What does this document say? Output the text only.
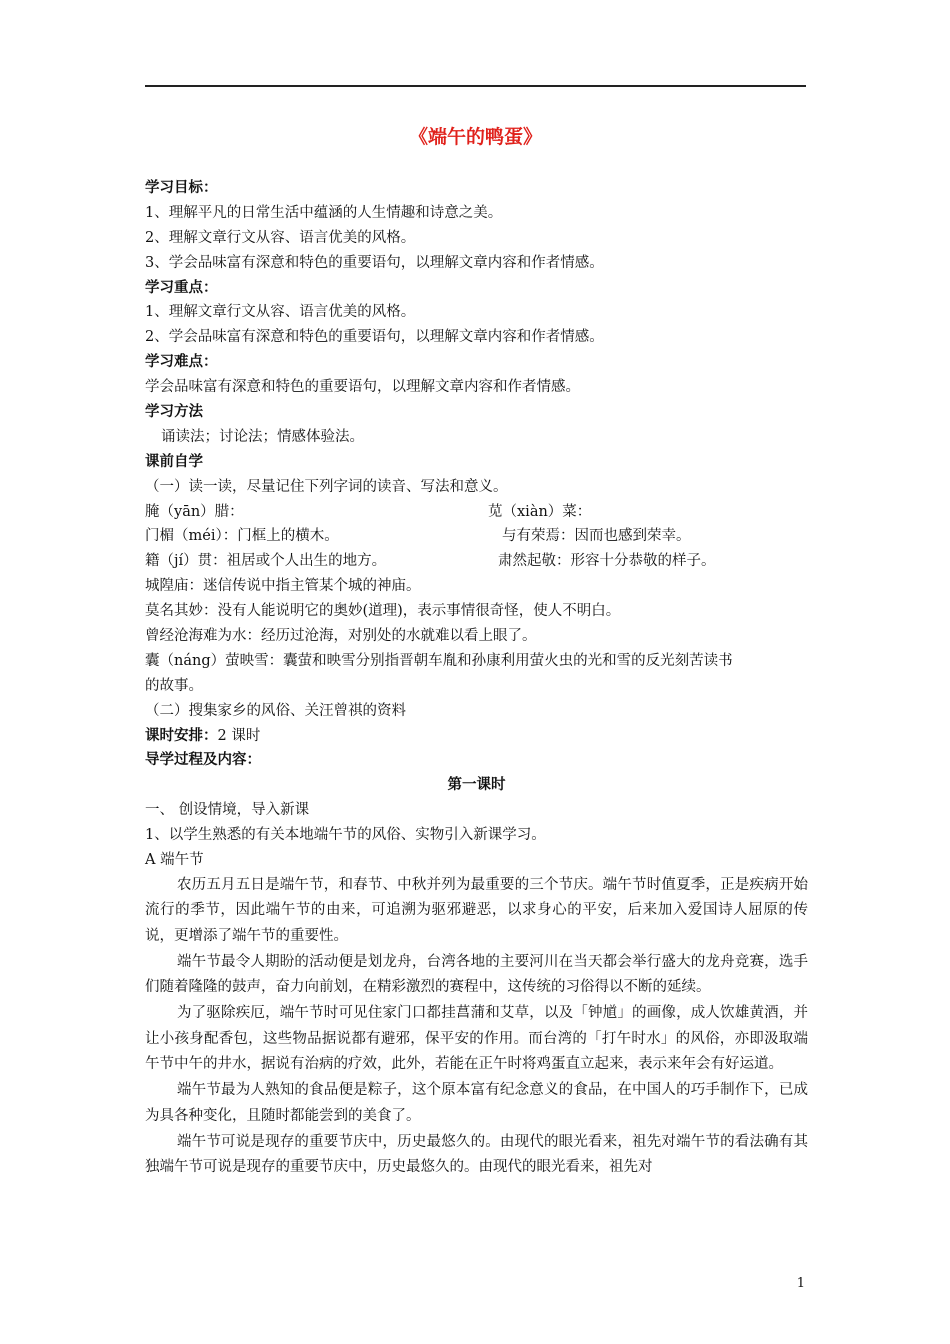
《端午的鸭蛋》
学习目标：
1、理解平凡的日常生活中蕴涵的人生情趣和诗意之美。
2、理解文章行文从容、语言优美的风格。
3、学会品味富有深意和特色的重要语句，以理解文章内容和作者情感。
学习重点：
1、理解文章行文从容、语言优美的风格。
2、学会品味富有深意和特色的重要语句，以理解文章内容和作者情感。
学习难点：
学会品味富有深意和特色的重要语句，以理解文章内容和作者情感。
学习方法
诵读法；讨论法；情感体验法。
课前自学
（一）读一读，尽量记住下列字词的读音、写法和意义。
腌（yān）腊：	苋（xiàn）菜：
门楣（méi）：门框上的横木。	与有荣焉：因而也感到荣幸。
籍（jí）贯：祖居或个人出生的地方。	肃然起敬：形容十分恭敬的样子。
城隍庙：迷信传说中指主管某个城的神庙。
莫名其妙：没有人能说明它的奥妙(道理)，表示事情很奇怪，使人不明白。
曾经沧海难为水：经历过沧海，对别处的水就难以看上眼了。
囊（náng）萤映雪：囊萤和映雪分别指晋朝车胤和孙康利用萤火虫的光和雪的反光刻苦读书
的故事。
（二）搜集家乡的风俗、关汪曾祺的资料
课时安排：2 课时
导学过程及内容：
第一课时
一、 创设情境，导入新课
1、以学生熟悉的有关本地端午节的风俗、实物引入新课学习。
A 端午节

农历五月五日是端午节，和春节、中秋并列为最重要的三个节庆。端午节时值夏季，正是疾病开始流行的季节，因此端午节的由来，可追溯为驱邪避恶，以求身心的平安，后来加入爱国诗人屈原的传说，更增添了端午节的重要性。

端午节最令人期盼的活动便是划龙舟，台湾各地的主要河川在当天都会举行盛大的龙舟竞赛，选手们随着隆隆的鼓声，奋力向前划，在精彩激烈的赛程中，这传统的习俗得以不断的延续。

为了驱除疾厄，端午节时可见住家门口都挂菖蒲和艾草，以及「钟馗」的画像，成人饮雄黄酒，并让小孩身配香包，这些物品据说都有避邪，保平安的作用。而台湾的「打午时水」的风俗，亦即汲取端午节中午的井水，据说有治病的疗效，此外，若能在正午时将鸡蛋直立起来，表示来年会有好运道。

端午节最为人熟知的食品便是粽子，这个原本富有纪念意义的食品，在中国人的巧手制作下，已成为具各种变化，且随时都能尝到的美食了。

端午节可说是现存的重要节庆中，历史最悠久的。由现代的眼光看来，祖先对端午节的看法确有其独端午节可说是现存的重要节庆中，历史最悠久的。由现代的眼光看来，祖先对

1
